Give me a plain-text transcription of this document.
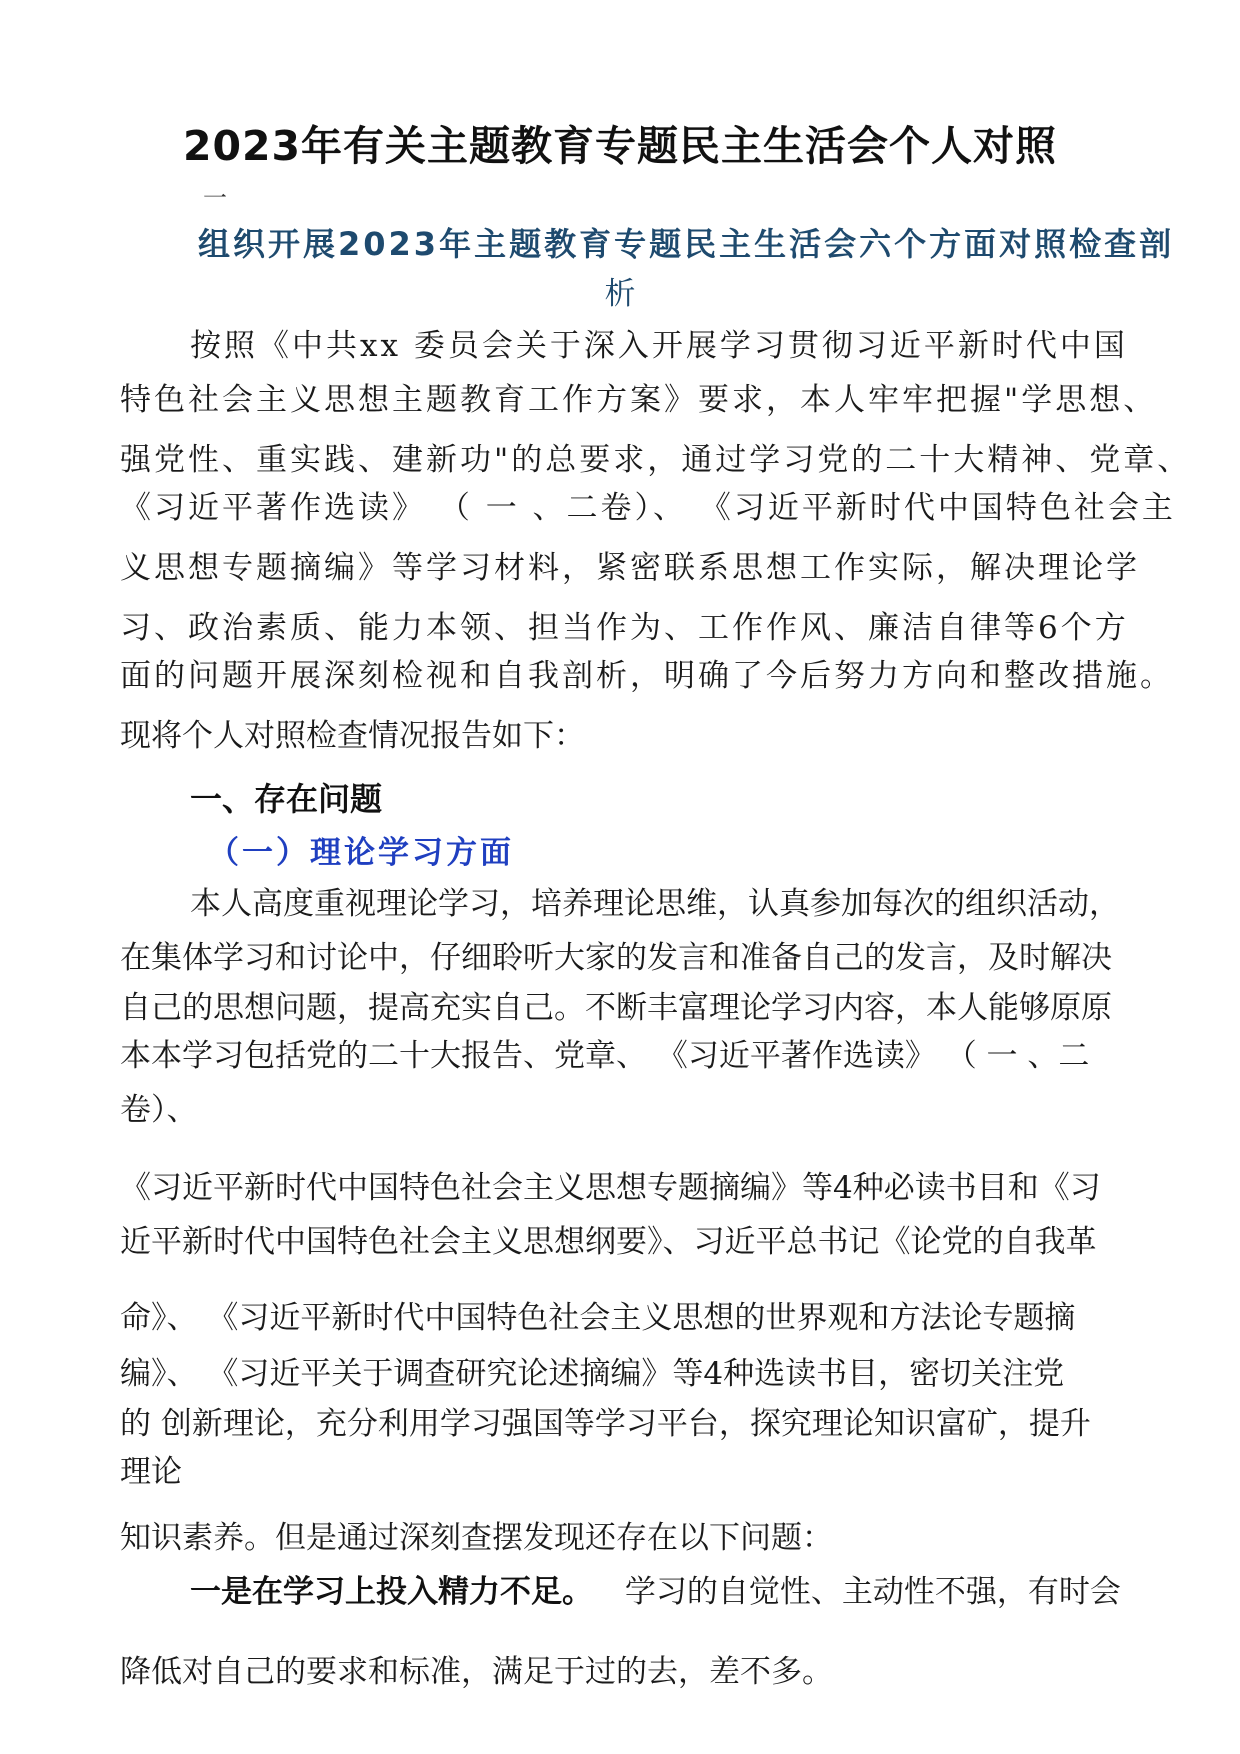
2023年有关主题教育专题民主生活会个人对照
一
组织开展2023年主题教育专题民主生活会六个方面对照检查剖
析
按照《中共xx 委员会关于深入开展学习贯彻习近平新时代中国
特色社会主义思想主题教育工作方案》要求，本人牢牢把握"学思想、
强党性、重实践、建新功"的总要求，通过学习党的二十大精神、党章、
《习近平著作选读》 （ 一 、二卷）、 《习近平新时代中国特色社会主
义思想专题摘编》等学习材料，紧密联系思想工作实际，解决理论学
习、政治素质、能力本领、担当作为、工作作风、廉洁自律等6个方
面的问题开展深刻检视和自我剖析，明确了今后努力方向和整改措施。
现将个人对照检查情况报告如下：
一、存在问题
（一）理论学习方面
本人高度重视理论学习，培养理论思维，认真参加每次的组织活动，
在集体学习和讨论中，仔细聆听大家的发言和准备自己的发言，及时解决
自己的思想问题，提高充实自己。不断丰富理论学习内容，本人能够原原
本本学习包括党的二十大报告、党章、 《习近平著作选读》 （ 一 、二
卷）、
《习近平新时代中国特色社会主义思想专题摘编》等4种必读书目和《习
近平新时代中国特色社会主义思想纲要》、习近平总书记《论党的自我革
命》、 《习近平新时代中国特色社会主义思想的世界观和方法论专题摘
编》、 《习近平关于调查研究论述摘编》等4种选读书目，密切关注党
的 创新理论，充分利用学习强国等学习平台，探究理论知识富矿，提升
理论
知识素养。但是通过深刻查摆发现还存在以下问题：
一是在学习上投入精力不足。 学习的自觉性、主动性不强，有时会
降低对自己的要求和标准，满足于过的去，差不多。
